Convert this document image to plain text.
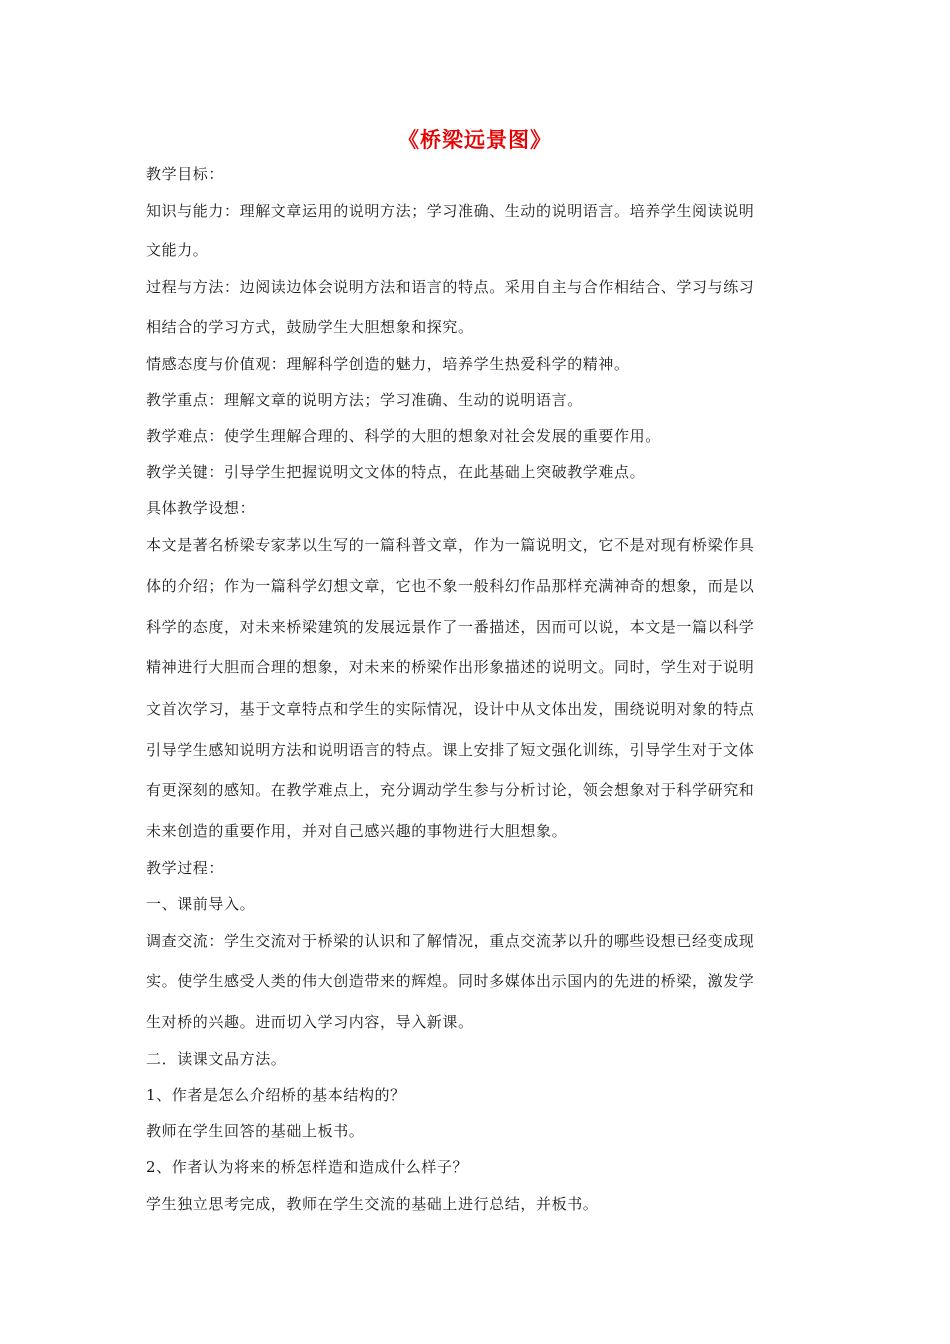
《桥梁远景图》
教学目标：
知识与能力：理解文章运用的说明方法；学习准确、生动的说明语言。培养学生阅读说明
文能力。
过程与方法：边阅读边体会说明方法和语言的特点。采用自主与合作相结合、学习与练习
相结合的学习方式，鼓励学生大胆想象和探究。
情感态度与价值观：理解科学创造的魅力，培养学生热爱科学的精神。
教学重点：理解文章的说明方法；学习准确、生动的说明语言。
教学难点：使学生理解合理的、科学的大胆的想象对社会发展的重要作用。
教学关键：引导学生把握说明文文体的特点，在此基础上突破教学难点。
具体教学设想：
本文是著名桥梁专家茅以生写的一篇科普文章，作为一篇说明文，它不是对现有桥梁作具
体的介绍；作为一篇科学幻想文章，它也不象一般科幻作品那样充满神奇的想象，而是以
科学的态度，对未来桥梁建筑的发展远景作了一番描述，因而可以说，本文是一篇以科学
精神进行大胆而合理的想象，对未来的桥梁作出形象描述的说明文。同时，学生对于说明
文首次学习，基于文章特点和学生的实际情况，设计中从文体出发，围绕说明对象的特点
引导学生感知说明方法和说明语言的特点。课上安排了短文强化训练，引导学生对于文体
有更深刻的感知。在教学难点上，充分调动学生参与分析讨论，领会想象对于科学研究和
未来创造的重要作用，并对自己感兴趣的事物进行大胆想象。
教学过程：
一、课前导入。
调查交流：学生交流对于桥梁的认识和了解情况，重点交流茅以升的哪些设想已经变成现
实。使学生感受人类的伟大创造带来的辉煌。同时多媒体出示国内的先进的桥梁，激发学
生对桥的兴趣。进而切入学习内容，导入新课。
二．读课文品方法。
1、作者是怎么介绍桥的基本结构的？
教师在学生回答的基础上板书。
2、作者认为将来的桥怎样造和造成什么样子？
学生独立思考完成，教师在学生交流的基础上进行总结，并板书。
